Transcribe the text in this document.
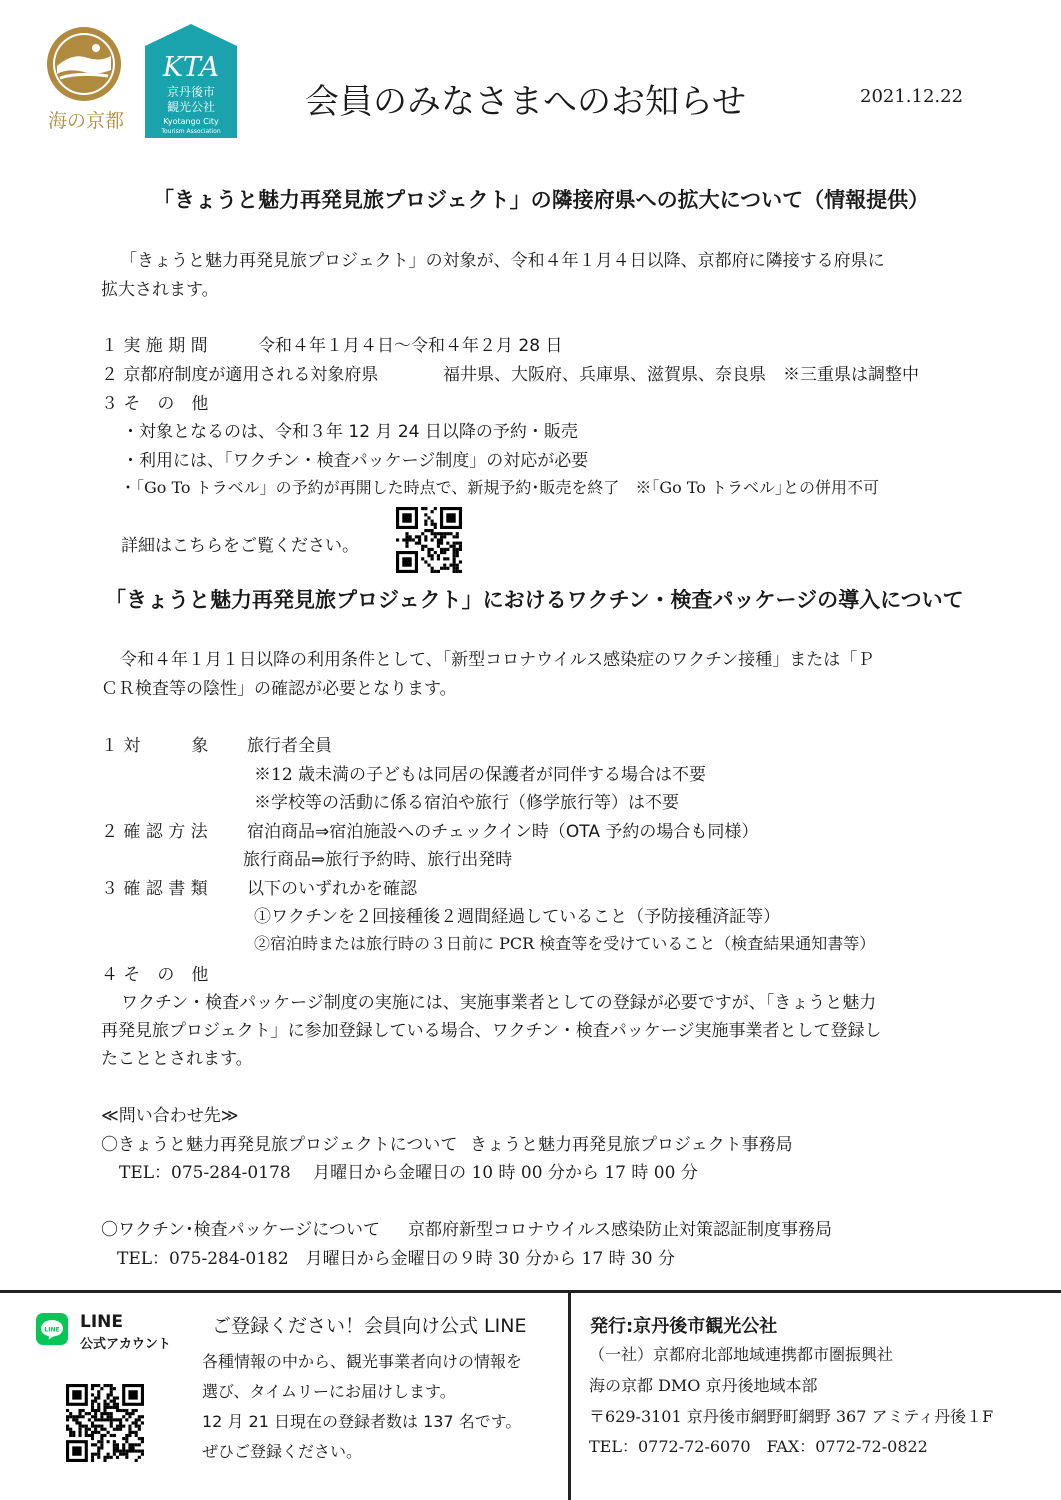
海の京都
KTA
京丹後市
観光公社
Kyotango City
Tourism Association
会員のみなさまへのお知らせ	2021.12.22
「きょうと魅力再発見旅プロジェクト」の隣接府県への拡大について（情報提供）
「きょうと魅力再発見旅プロジェクト」の対象が、令和４年１月４日以降、京都府に隣接する府県に
拡大されます。
１ 実 施 期 間	令和４年１月４日～令和４年２月 28 日
２ 京都府制度が適用される対象府県	福井県、大阪府、兵庫県、滋賀県、奈良県　※三重県は調整中
３ そ　の　他
・対象となるのは、令和３年 12 月 24 日以降の予約・販売
・利用には、「ワクチン・検査パッケージ制度」の対応が必要
・「Go To トラベル」の予約が再開した時点で、新規予約･販売を終了　※｢Go To トラベル｣との併用不可
詳細はこちらをご覧ください。
「きょうと魅力再発見旅プロジェクト」におけるワクチン・検査パッケージの導入について
令和４年１月１日以降の利用条件として、「新型コロナウイルス感染症のワクチン接種」または「Ｐ
ＣＲ検査等の陰性」の確認が必要となります。
１ 対　　　象 旅行者全員
※12 歳未満の子どもは同居の保護者が同伴する場合は不要
※学校等の活動に係る宿泊や旅行（修学旅行等）は不要
２ 確 認 方 法 宿泊商品⇒宿泊施設へのチェックイン時（OTA 予約の場合も同様）
旅行商品⇒旅行予約時、旅行出発時
３ 確 認 書 類 以下のいずれかを確認
①ワクチンを２回接種後２週間経過していること（予防接種済証等）
②宿泊時または旅行時の３日前に PCR 検査等を受けていること（検査結果通知書等）
４ そ　の　他
ワクチン・検査パッケージ制度の実施には、実施事業者としての登録が必要ですが、「きょうと魅力
再発見旅プロジェクト」に参加登録している場合、ワクチン・検査パッケージ実施事業者として登録し
たこととされます。
≪問い合わせ先≫
〇きょうと魅力再発見旅プロジェクトについて きょうと魅力再発見旅プロジェクト事務局
TEL：075-284-0178　 月曜日から金曜日の 10 時 00 分から 17 時 00 分
〇ワクチン･検査パッケージについて 京都府新型コロナウイルス感染防止対策認証制度事務局
TEL：075-284-0182　月曜日から金曜日の９時 30 分から 17 時 30 分
LINE LINE
公式アカウント
ご登録ください！会員向け公式 LINE
各種情報の中から、観光事業者向けの情報を
選び、タイムリーにお届けします。
12 月 21 日現在の登録者数は 137 名です。
ぜひご登録ください。
発行:京丹後市観光公社
（一社）京都府北部地域連携都市圏振興社
海の京都 DMO 京丹後地域本部
〒629-3101 京丹後市網野町網野 367 アミティ丹後１F
TEL：0772-72-6070　FAX：0772-72-0822
